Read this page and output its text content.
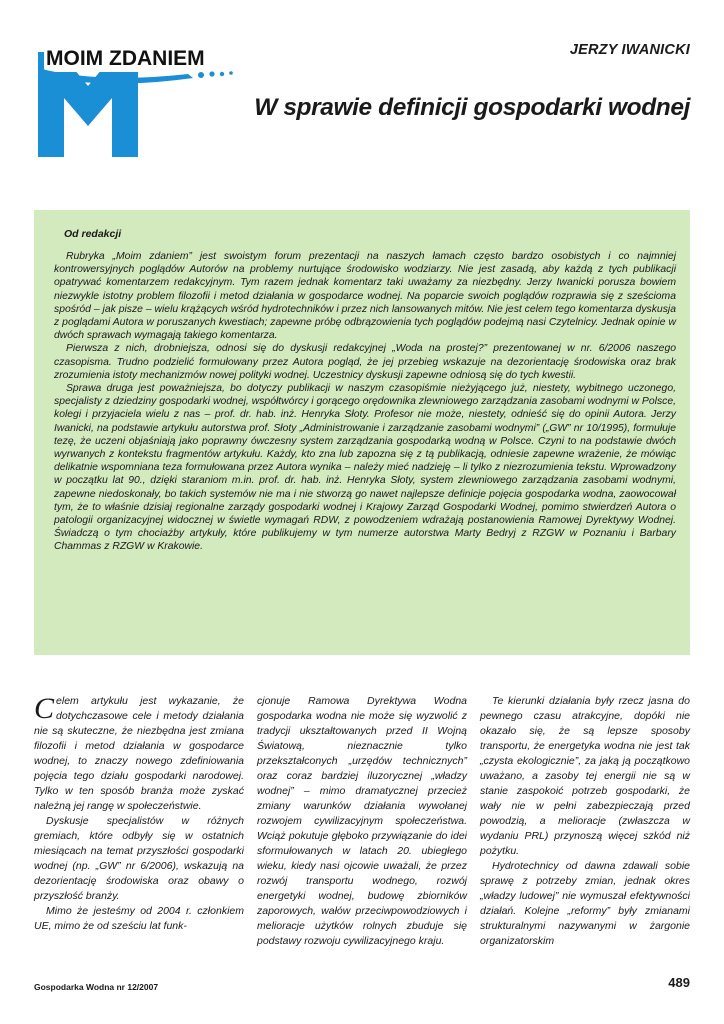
MOIM ZDANIEM	JERZY IWANICKI
W sprawie definicji gospodarki wodnej

Od redakcji

Rubryka „Moim zdaniem” jest swoistym forum prezentacji na naszych łamach często bardzo osobistych i co najmniej kontrowersyjnych poglądów Autorów na problemy nurtujące środowisko wodziarzy. Nie jest zasadą, aby każdą z tych publikacji opatrywać komentarzem redakcyjnym. Tym razem jednak komentarz taki uważamy za niezbędny. Jerzy Iwanicki porusza bowiem niezwykle istotny problem filozofii i metod działania w gospodarce wodnej. Na poparcie swoich poglądów rozprawia się z sześcioma spośród – jak pisze – wielu krążących wśród hydrotechników i przez nich lansowanych mitów. Nie jest celem tego komentarza dyskusja z poglądami Autora w poruszanych kwestiach; zapewne próbę odbrązowienia tych poglądów podejmą nasi Czytelnicy. Jednak opinie w dwóch sprawach wymagają takiego komentarza.

Pierwsza z nich, drobniejsza, odnosi się do dyskusji redakcyjnej „Woda na prostej?” prezentowanej w nr. 6/2006 naszego czasopisma. Trudno podzielić formułowany przez Autora pogląd, że jej przebieg wskazuje na dezorientację środowiska oraz brak zrozumienia istoty mechanizmów nowej polityki wodnej. Uczestnicy dyskusji zapewne odniosą się do tych kwestii.

Sprawa druga jest poważniejsza, bo dotyczy publikacji w naszym czasopiśmie nieżyjącego już, niestety, wybitnego uczonego, specjalisty z dziedziny gospodarki wodnej, współtwórcy i gorącego orędownika zlewniowego zarządzania zasobami wodnymi w Polsce, kolegi i przyjaciela wielu z nas – prof. dr. hab. inż. Henryka Słoty. Profesor nie może, niestety, odnieść się do opinii Autora. Jerzy Iwanicki, na podstawie artykułu autorstwa prof. Słoty „Administrowanie i zarządzanie zasobami wodnymi” („GW” nr 10/1995), formułuje tezę, że uczeni objaśniają jako poprawny ówczesny system zarządzania gospodarką wodną w Polsce. Czyni to na podstawie dwóch wyrwanych z kontekstu fragmentów artykułu. Każdy, kto zna lub zapozna się z tą publikacją, odniesie zapewne wrażenie, że mówiąc delikatnie wspomniana teza formułowana przez Autora wynika – należy mieć nadzieję – li tylko z niezrozumienia tekstu. Wprowadzony w początku lat 90., dzięki staraniom m.in. prof. dr. hab. inż. Henryka Słoty, system zlewniowego zarządzania zasobami wodnymi, zapewne niedoskonały, bo takich systemów nie ma i nie stworzą go nawet najlepsze definicje pojęcia gospodarka wodna, zaowocował tym, że to właśnie dzisiaj regionalne zarządy gospodarki wodnej i Krajowy Zarząd Gospodarki Wodnej, pomimo stwierdzeń Autora o patologii organizacyjnej widocznej w świetle wymagań RDW, z powodzeniem wdrażają postanowienia Ramowej Dyrektywy Wodnej. Świadczą o tym chociażby artykuły, które publikujemy w tym numerze autorstwa Marty Bedryj z RZGW w Poznaniu i Barbary Chammas z RZGW w Krakowie.

Celem artykułu jest wykazanie, że dotychczasowe cele i metody działania nie są skuteczne, że niezbędna jest zmiana filozofii i metod działania w gospodarce wodnej, to znaczy nowego zdefiniowania pojęcia tego działu gospodarki narodowej. Tylko w ten sposób branża może zyskać należną jej rangę w społeczeństwie.

Dyskusje specjalistów w różnych gremiach, które odbyły się w ostatnich miesiącach na temat przyszłości gospodarki wodnej (np. „GW” nr 6/2006), wskazują na dezorientację środowiska oraz obawy o przyszłość branży.

Mimo że jesteśmy od 2004 r. członkiem UE, mimo że od sześciu lat funk-

cjonuje Ramowa Dyrektywa Wodna gospodarka wodna nie może się wyzwolić z tradycji ukształtowanych przed II Wojną Światową, nieznacznie tylko przekształconych „urzędów technicznych” oraz coraz bardziej iluzorycznej „władzy wodnej” – mimo dramatycznej przecież zmiany warunków działania wywołanej rozwojem cywilizacyjnym społeczeństwa. Wciąż pokutuje głęboko przywiązanie do idei sformułowanych w latach 20. ubiegłego wieku, kiedy nasi ojcowie uważali, że przez rozwój transportu wodnego, rozwój energetyki wodnej, budowę zbiorników zaporowych, wałów przeciwpowodziowych i melioracje użytków rolnych zbuduje się podstawy rozwoju cywilizacyjnego kraju.

Te kierunki działania były rzecz jasna do pewnego czasu atrakcyjne, dopóki nie okazało się, że są lepsze sposoby transportu, że energetyka wodna nie jest tak „czysta ekologicznie”, za jaką ją początkowo uważano, a zasoby tej energii nie są w stanie zaspokoić potrzeb gospodarki, że wały nie w pełni zabezpieczają przed powodzią, a melioracje (zwłaszcza w wydaniu PRL) przynoszą więcej szkód niż pożytku.

Hydrotechnicy od dawna zdawali sobie sprawę z potrzeby zmian, jednak okres „władzy ludowej” nie wymuszał efektywności działań. Kolejne „reformy” były zmianami strukturalnymi nazywanymi w żargonie organizatorskim

Gospodarka Wodna nr 12/2007	489
